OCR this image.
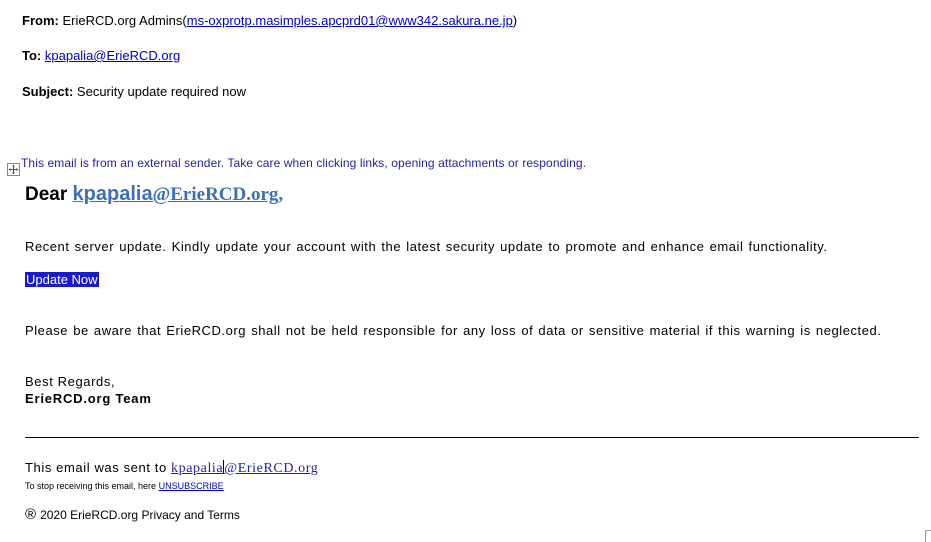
From: ErieRCD.org Admins(ms-oxprotp.masimples.apcprd01@www342.sakura.ne.jp)
To: kpapalia@ErieRCD.org
Subject: Security update required now
This email is from an external sender. Take care when clicking links, opening attachments or responding.
Dear kpapalia@ErieRCD.org,
Recent server update. Kindly update your account with the latest security update to promote and enhance email functionality.
Update Now
Please be aware that ErieRCD.org shall not be held responsible for any loss of data or sensitive material if this warning is neglected.
Best Regards,
ErieRCD.org Team
This email was sent to kpapalia@ErieRCD.org
To stop receiving this email, here UNSUBSCRIBE
® 2020 ErieRCD.org Privacy and Terms
